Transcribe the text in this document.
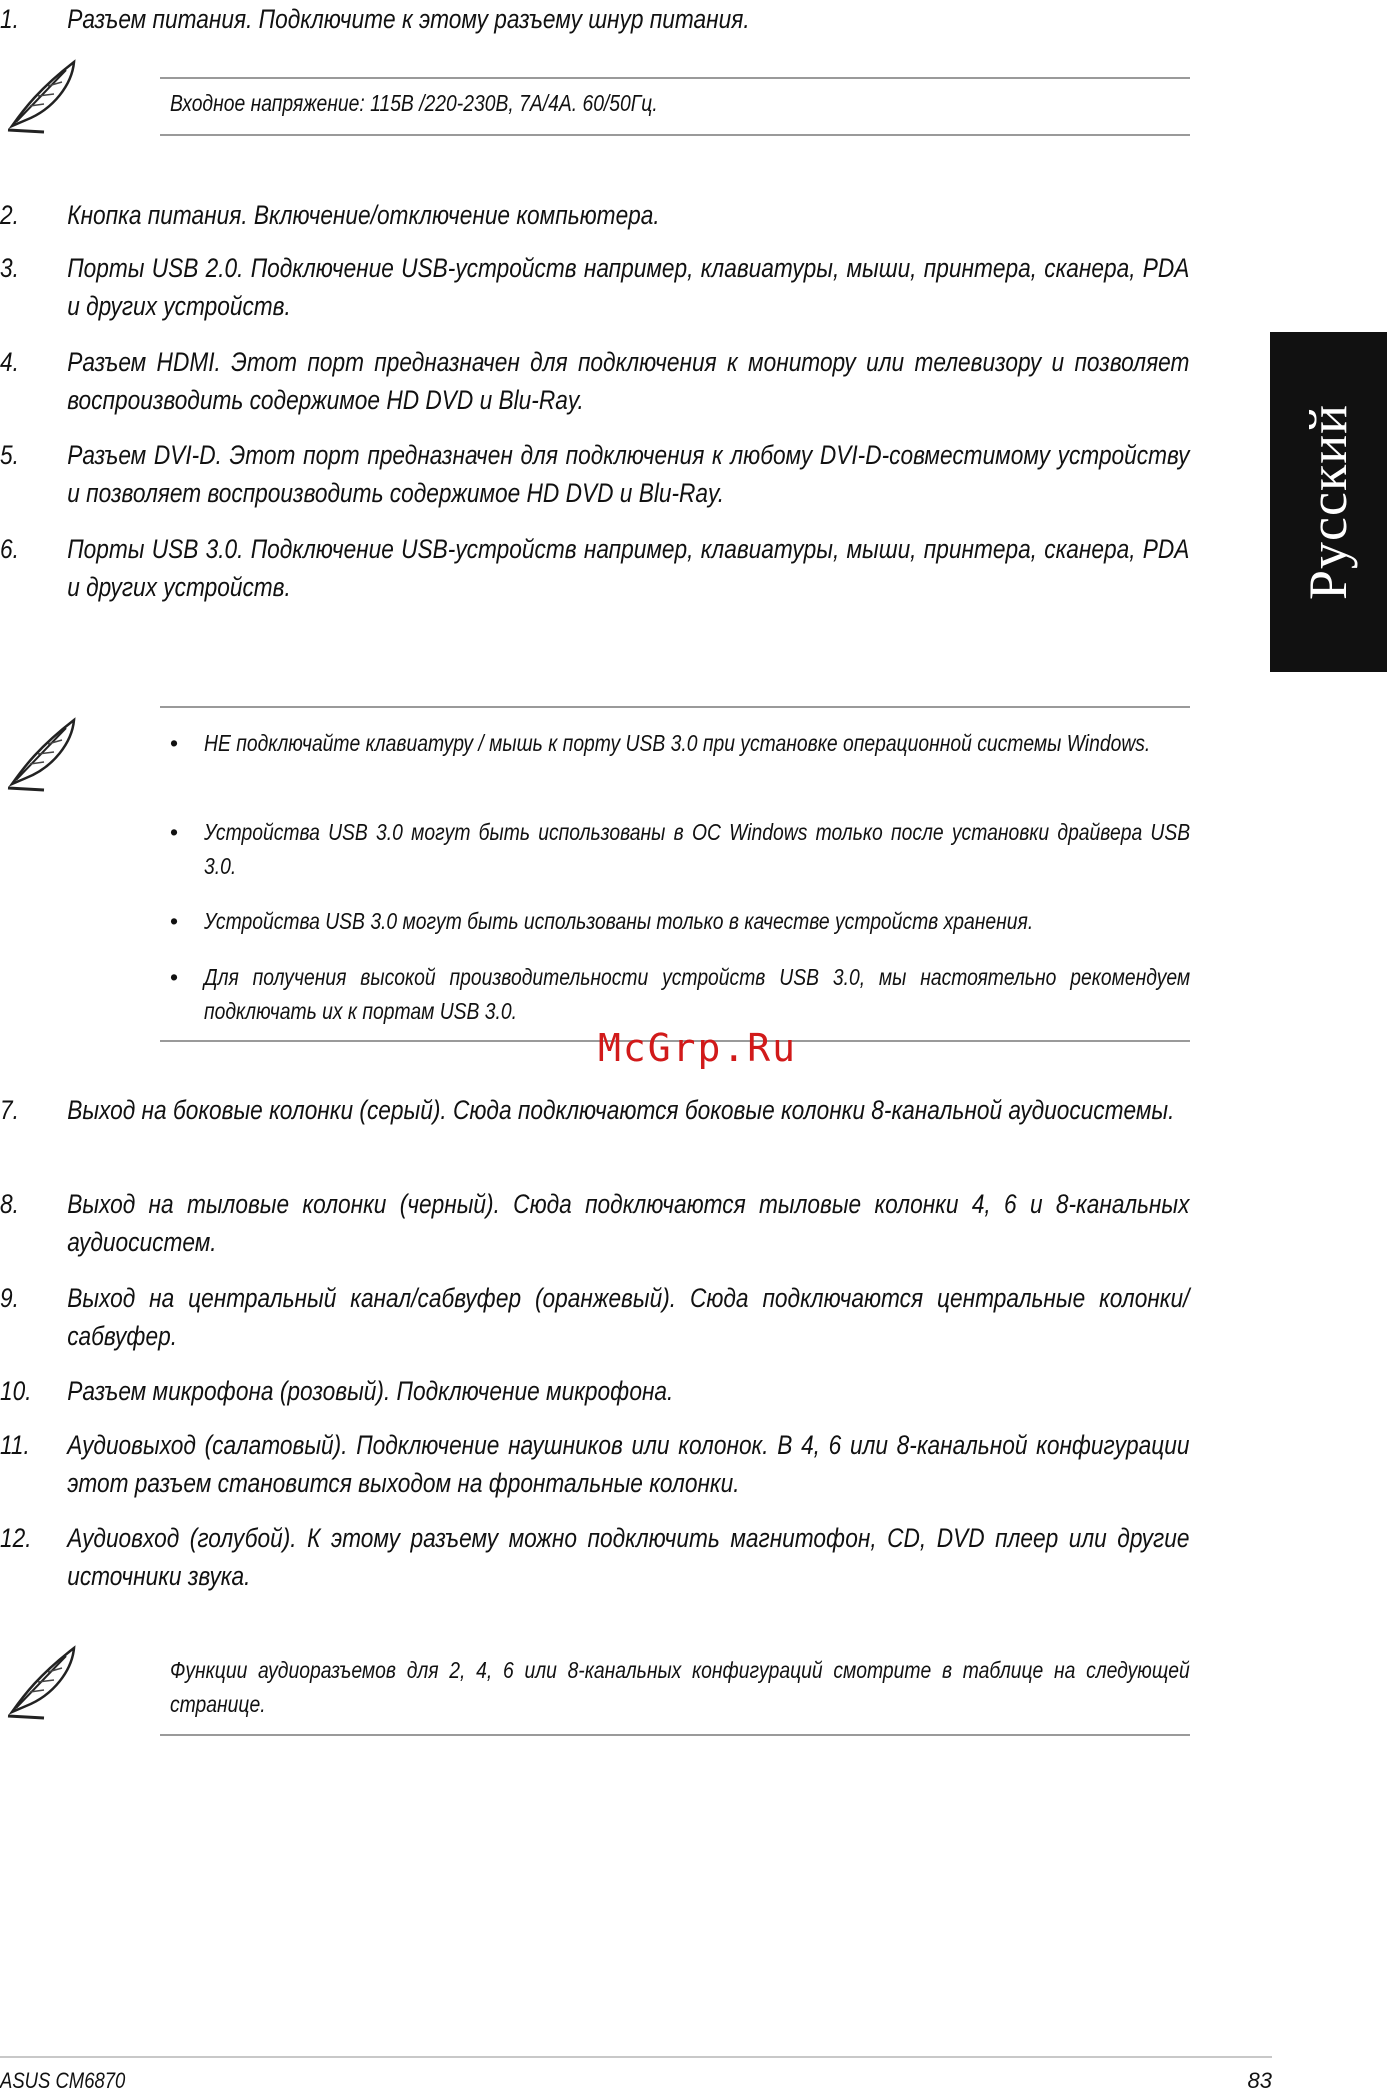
1.	Разъем питания. Подключите к этому разъему шнур питания.
Входное напряжение: 115В /220-230В, 7А/4А. 60/50Гц.
2.	Кнопка питания. Включение/отключение компьютера.
3.	Порты USB 2.0. Подключение USB-устройств например, клавиатуры, мыши, принтера, сканера, PDA и других устройств.
4.	Разъем HDMI. Этот порт предназначен для подключения к монитору или телевизору и позволяет воспроизводить содержимое HD DVD и Blu-Ray.
5.	Разъем DVI-D. Этот порт предназначен для подключения к любому DVI-D-совместимому устройству и позволяет воспроизводить содержимое HD DVD и Blu-Ray.
6.	Порты USB 3.0. Подключение USB-устройств например, клавиатуры, мыши, принтера, сканера, PDA и других устройств.
• НЕ подключайте клавиатуру / мышь к порту USB 3.0 при установке операционной системы Windows.
• Устройства USB 3.0 могут быть использованы в ОС Windows только после установки драйвера USB 3.0.
• Устройства USB 3.0 могут быть использованы только в качестве устройств хранения.
• Для получения высокой производительности устройств USB 3.0, мы настоятельно рекомендуем подключать их к портам USB 3.0.
McGrp.Ru
7.	Выход на боковые колонки (серый). Сюда подключаются боковые колонки 8-канальной аудиосистемы.
8.	Выход на тыловые колонки (черный). Сюда подключаются тыловые колонки 4, 6 и 8-канальных аудиосистем.
9.	Выход на центральный канал/сабвуфер (оранжевый). Сюда подключаются центральные колонки/сабвуфер.
10.	Разъем микрофона (розовый). Подключение микрофона.
11.	Аудиовыход (салатовый). Подключение наушников или колонок. В 4, 6 или 8-канальной конфигурации этот разъем становится выходом на фронтальные колонки.
12.	Аудиовход (голубой). К этому разъему можно подключить магнитофон, CD, DVD плеер или другие источники звука.
Функции аудиоразъемов для 2, 4, 6 или 8-канальных конфигураций смотрите в таблице на следующей странице.
Русский
ASUS CM6870	83
